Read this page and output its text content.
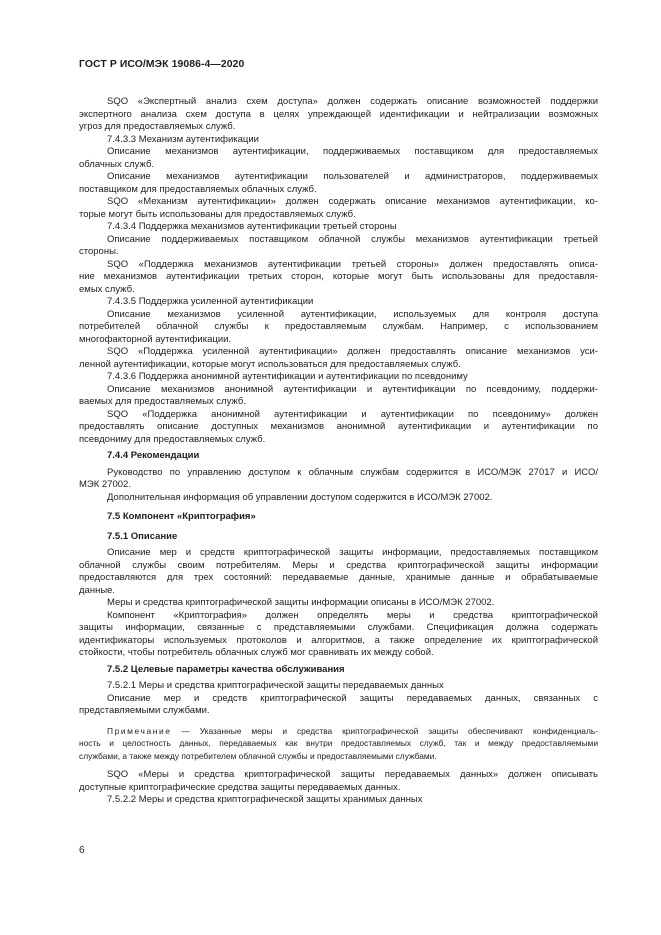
ГОСТ Р ИСО/МЭК 19086-4—2020
SQO «Экспертный анализ схем доступа» должен содержать описание возможностей поддержки
экспертного анализа схем доступа в целях упреждающей идентификации и нейтрализации возможных
угроз для предоставляемых служб.
7.4.3.3 Механизм аутентификации
Описание механизмов аутентификации, поддерживаемых поставщиком для предоставляемых
облачных служб.
Описание механизмов аутентификации пользователей и администраторов, поддерживаемых
поставщиком для предоставляемых облачных служб.
SQO «Механизм аутентификации» должен содержать описание механизмов аутентификации, ко-
торые могут быть использованы для предоставляемых служб.
7.4.3.4 Поддержка механизмов аутентификации третьей стороны
Описание поддерживаемых поставщиком облачной службы механизмов аутентификации третьей
стороны.
SQO «Поддержка механизмов аутентификации третьей стороны» должен предоставлять описа-
ние механизмов аутентификации третьих сторон, которые могут быть использованы для предоставля-
емых служб.
7.4.3.5 Поддержка усиленной аутентификации
Описание механизмов усиленной аутентификации, используемых для контроля доступа
потребителей облачной службы к предоставляемым службам. Например, с использованием
многофакторной аутентификации.
SQO «Поддержка усиленной аутентификации» должен предоставлять описание механизмов уси-
ленной аутентификации, которые могут использоваться для предоставляемых служб.
7.4.3.6 Поддержка анонимной аутентификации и аутентификации по псевдониму
Описание механизмов анонимной аутентификации и аутентификации по псевдониму, поддержи-
ваемых для предоставляемых служб.
SQO «Поддержка анонимной аутентификации и аутентификации по псевдониму» должен
предоставлять описание доступных механизмов анонимной аутентификации и аутентификации по
псевдониму для предоставляемых служб.
7.4.4 Рекомендации
Руководство по управлению доступом к облачным службам содержится в ИСО/МЭК 27017 и ИСО/
МЭК 27002.
Дополнительная информация об управлении доступом содержится в ИСО/МЭК 27002.
7.5 Компонент «Криптография»
7.5.1 Описание
Описание мер и средств криптографической защиты информации, предоставляемых поставщиком
облачной службы своим потребителям. Меры и средства криптографической защиты информации
предоставляются для трех состояний: передаваемые данные, хранимые данные и обрабатываемые
данные.
Меры и средства криптографической защиты информации описаны в ИСО/МЭК 27002.
Компонент «Криптография» должен определять меры и средства криптографической
защиты информации, связанные с представляемыми службами. Спецификация должна содержать
идентификаторы используемых протоколов и алгоритмов, а также определение их криптографической
стойкости, чтобы потребитель облачных служб мог сравнивать их между собой.
7.5.2 Целевые параметры качества обслуживания
7.5.2.1 Меры и средства криптографической защиты передаваемых данных
Описание мер и средств криптографической защиты передаваемых данных, связанных с
представляемыми службами.
Примечание — Указанные меры и средства криптографической защиты обеспечивают конфиденциаль-
ность и целостность данных, передаваемых как внутри предоставляемых служб, так и между предоставляемыми
службами, а также между потребителем облачной службы и предоставляемыми службами.
SQO «Меры и средства криптографической защиты передаваемых данных» должен описывать
доступные криптографические средства защиты передаваемых данных.
7.5.2.2 Меры и средства криптографической защиты хранимых данных
6
